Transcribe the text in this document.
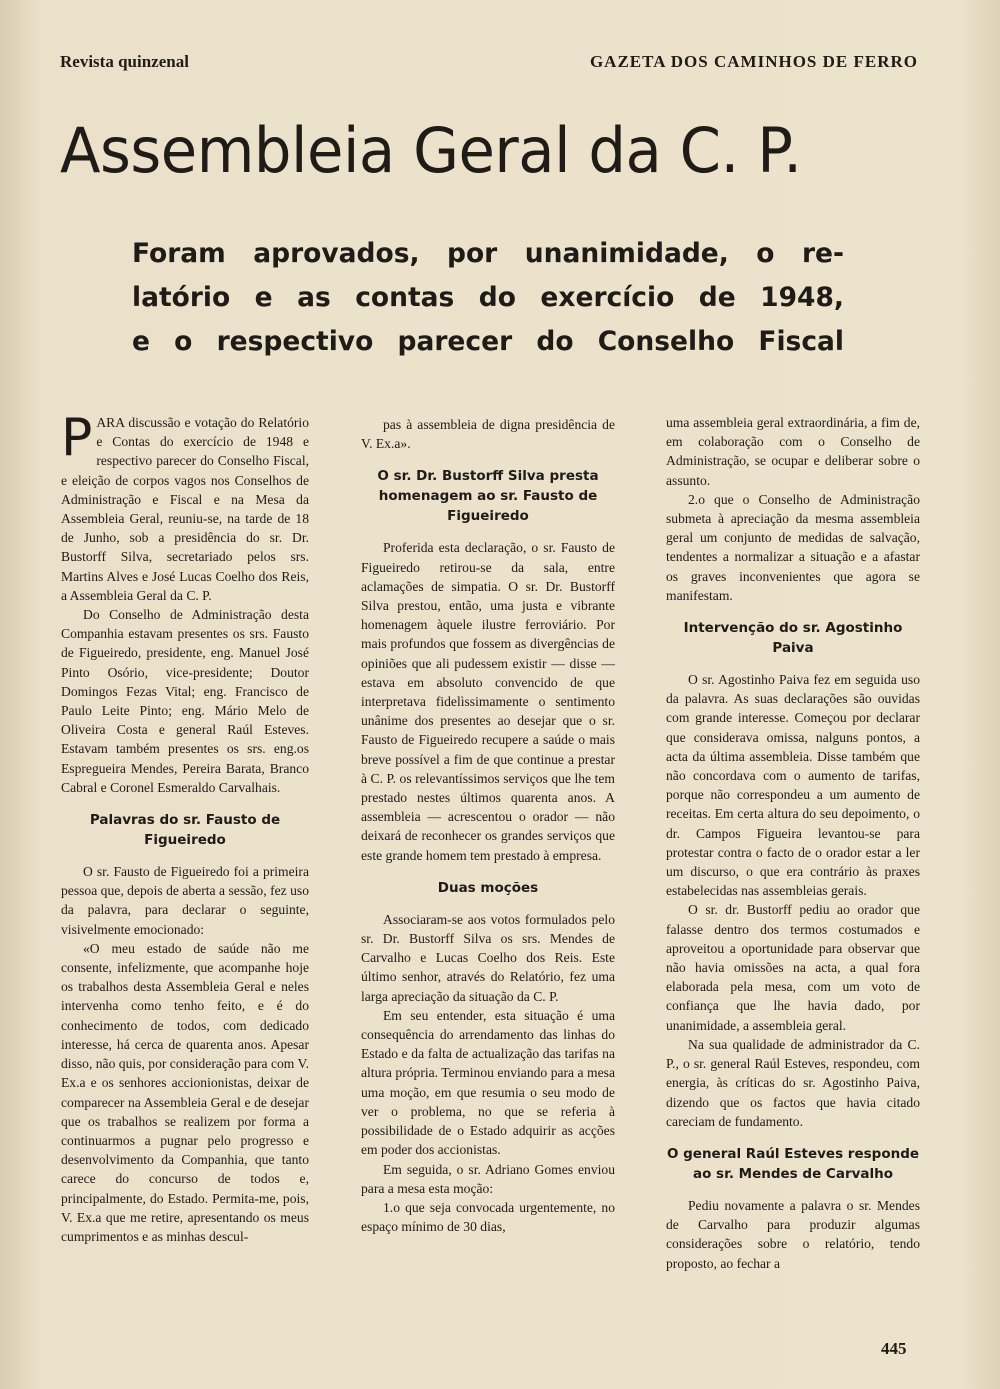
Revista quinzenal	GAZETA DOS CAMINHOS DE FERRO
Assembleia Geral da C. P.
Foram aprovados, por unanimidade, o re-
latório e as contas do exercício de 1948,
e o respectivo parecer do Conselho Fiscal

PARA discussão e votação do Relatório e Contas do exercício de 1948 e respectivo parecer do Conselho Fiscal, e eleição de corpos vagos nos Conselhos de Administração e Fiscal e na Mesa da Assembleia Geral, reuniu-se, na tarde de 18 de Junho, sob a presidência do sr. Dr. Bustorff Silva, secretariado pelos srs. Martins Alves e José Lucas Coelho dos Reis, a Assembleia Geral da C. P.

Do Conselho de Administração desta Companhia estavam presentes os srs. Fausto de Figueiredo, presidente, eng. Manuel José Pinto Osório, vice-presidente; Doutor Domingos Fezas Vital; eng. Francisco de Paulo Leite Pinto; eng. Mário Melo de Oliveira Costa e general Raúl Esteves. Estavam também presentes os srs. eng.os Espregueira Mendes, Pereira Barata, Branco Cabral e Coronel Esmeraldo Carvalhais.

Palavras do sr. Fausto de Figueiredo

O sr. Fausto de Figueiredo foi a primeira pessoa que, depois de aberta a sessão, fez uso da palavra, para declarar o seguinte, visivelmente emocionado:

«O meu estado de saúde não me consente, infelizmente, que acompanhe hoje os trabalhos desta Assembleia Geral e neles intervenha como tenho feito, e é do conhecimento de todos, com dedicado interesse, há cerca de quarenta anos. Apesar disso, não quis, por consideração para com V. Ex.a e os senhores accionionistas, deixar de comparecer na Assembleia Geral e de desejar que os trabalhos se realizem por forma a continuarmos a pugnar pelo progresso e desenvolvimento da Companhia, que tanto carece do concurso de todos e, principalmente, do Estado. Permita-me, pois, V. Ex.a que me retire, apresentando os meus cumprimentos e as minhas descul-

pas à assembleia de digna presidência de V. Ex.a».

O sr. Dr. Bustorff Silva presta homenagem ao sr. Fausto de Figueiredo

Proferida esta declaração, o sr. Fausto de Figueiredo retirou-se da sala, entre aclamações de simpatia. O sr. Dr. Bustorff Silva prestou, então, uma justa e vibrante homenagem àquele ilustre ferroviário. Por mais profundos que fossem as divergências de opiniões que ali pudessem existir — disse — estava em absoluto convencido de que interpretava fidelìssimamente o sentimento unânime dos presentes ao desejar que o sr. Fausto de Figueiredo recupere a saúde o mais breve possível a fim de que continue a prestar à C. P. os relevantíssimos serviços que lhe tem prestado nestes últimos quarenta anos. A assembleia — acrescentou o orador — não deixará de reconhecer os grandes serviços que este grande homem tem prestado à empresa.

Duas moções

Associaram-se aos votos formulados pelo sr. Dr. Bustorff Silva os srs. Mendes de Carvalho e Lucas Coelho dos Reis. Este último senhor, através do Relatório, fez uma larga apreciação da situação da C. P.

Em seu entender, esta situação é uma consequência do arrendamento das linhas do Estado e da falta de actualização das tarifas na altura própria. Terminou enviando para a mesa uma moção, em que resumia o seu modo de ver o problema, no que se referia à possibilidade de o Estado adquirir as acções em poder dos accionistas.

Em seguida, o sr. Adriano Gomes enviou para a mesa esta moção:

1.o que seja convocada urgentemente, no espaço mínimo de 30 dias,

uma assembleia geral extraordinária, a fim de, em colaboração com o Conselho de Administração, se ocupar e deliberar sobre o assunto.

2.o que o Conselho de Administração submeta à apreciação da mesma assembleia geral um conjunto de medidas de salvação, tendentes a normalizar a situação e a afastar os graves inconvenientes que agora se manifestam.

Intervenção do sr. Agostinho Paiva

O sr. Agostinho Paiva fez em seguida uso da palavra. As suas declarações são ouvidas com grande interesse. Começou por declarar que considerava omissa, nalguns pontos, a acta da última assembleia. Disse também que não concordava com o aumento de tarifas, porque não correspondeu a um aumento de receitas. Em certa altura do seu depoimento, o dr. Campos Figueira levantou-se para protestar contra o facto de o orador estar a ler um discurso, o que era contrário às praxes estabelecidas nas assembleias gerais.

O sr. dr. Bustorff pediu ao orador que falasse dentro dos termos costumados e aproveitou a oportunidade para observar que não havia omissões na acta, a qual fora elaborada pela mesa, com um voto de confiança que lhe havia dado, por unanimidade, a assembleia geral.

Na sua qualidade de administrador da C. P., o sr. general Raúl Esteves, respondeu, com energia, às críticas do sr. Agostinho Paiva, dizendo que os factos que havia citado careciam de fundamento.

O general Raúl Esteves responde ao sr. Mendes de Carvalho

Pediu novamente a palavra o sr. Mendes de Carvalho para produzir algumas considerações sobre o relatório, tendo proposto, ao fechar a

445
